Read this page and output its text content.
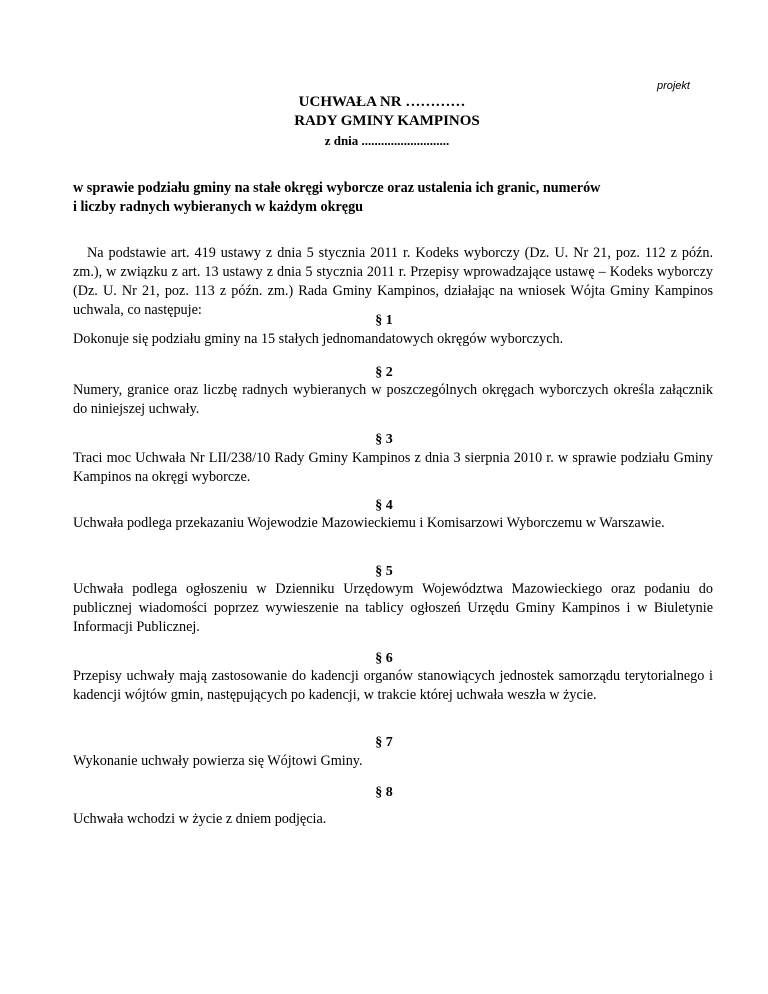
projekt
UCHWAŁA NR …………
RADY GMINY KAMPINOS
z dnia ...........................
w sprawie podziału gminy na stałe okręgi wyborcze oraz ustalenia ich granic, numerów
i liczby radnych wybieranych w każdym okręgu
Na podstawie art. 419 ustawy z dnia 5 stycznia 2011 r. Kodeks wyborczy (Dz. U. Nr 21, poz. 112 z późn. zm.), w związku z art. 13 ustawy z dnia 5 stycznia 2011 r. Przepisy wprowadzające ustawę – Kodeks wyborczy (Dz. U. Nr 21, poz. 113 z późn. zm.) Rada Gminy Kampinos, działając na wniosek Wójta Gminy Kampinos uchwala, co następuje:
§ 1
Dokonuje się podziału gminy na 15 stałych jednomandatowych okręgów wyborczych.
§ 2
Numery, granice oraz liczbę radnych wybieranych w poszczególnych okręgach wyborczych określa załącznik do niniejszej uchwały.
§ 3
Traci moc Uchwała Nr LII/238/10 Rady Gminy Kampinos z dnia 3 sierpnia 2010 r. w sprawie podziału Gminy Kampinos na okręgi wyborcze.
§ 4
Uchwała podlega przekazaniu Wojewodzie Mazowieckiemu i Komisarzowi Wyborczemu w Warszawie.
§ 5
Uchwała podlega ogłoszeniu w Dzienniku Urzędowym Województwa Mazowieckiego oraz podaniu do publicznej wiadomości poprzez wywieszenie na tablicy ogłoszeń Urzędu Gminy Kampinos i w Biuletynie Informacji Publicznej.
§ 6
Przepisy uchwały mają zastosowanie do kadencji organów stanowiących jednostek samorządu terytorialnego i kadencji wójtów gmin, następujących po kadencji, w trakcie której uchwała weszła w życie.
§ 7
Wykonanie uchwały powierza się Wójtowi Gminy.
§ 8
Uchwała wchodzi w życie z dniem podjęcia.
